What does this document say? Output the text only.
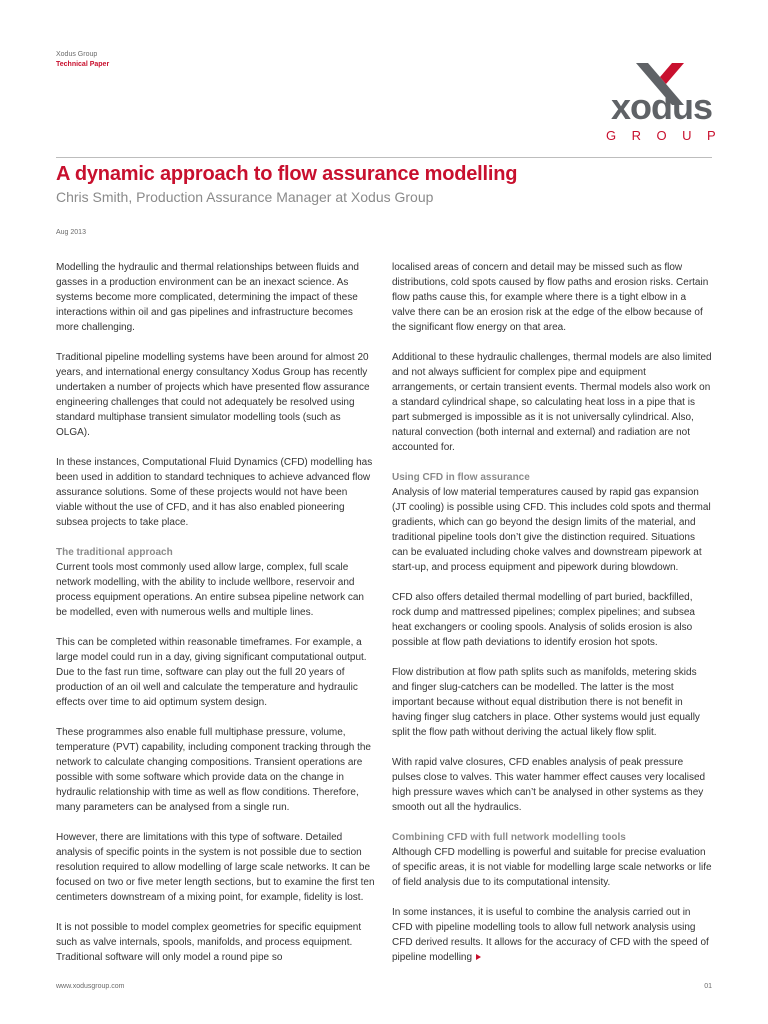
Xodus Group
Technical Paper
xodus
GROUP
A dynamic approach to flow assurance modelling
Chris Smith, Production Assurance Manager at Xodus Group
Aug 2013

Modelling the hydraulic and thermal relationships between fluids and gasses in a production environment can be an inexact science. As systems become more complicated, determining the impact of these interactions within oil and gas pipelines and infrastructure becomes more challenging.

Traditional pipeline modelling systems have been around for almost 20 years, and international energy consultancy Xodus Group has recently undertaken a number of projects which have presented flow assurance engineering challenges that could not adequately be resolved using standard multiphase transient simulator modelling tools (such as OLGA).

In these instances, Computational Fluid Dynamics (CFD) modelling has been used in addition to standard techniques to achieve advanced flow assurance solutions. Some of these projects would not have been viable without the use of CFD, and it has also enabled pioneering subsea projects to take place.

The traditional approach

Current tools most commonly used allow large, complex, full scale network modelling, with the ability to include wellbore, reservoir and process equipment operations. An entire subsea pipeline network can be modelled, even with numerous wells and multiple lines.

This can be completed within reasonable timeframes. For example, a large model could run in a day, giving significant computational output. Due to the fast run time, software can play out the full 20 years of production of an oil well and calculate the temperature and hydraulic effects over time to aid optimum system design.

These programmes also enable full multiphase pressure, volume, temperature (PVT) capability, including component tracking through the network to calculate changing compositions. Transient operations are possible with some software which provide data on the change in hydraulic relationship with time as well as flow conditions. Therefore, many parameters can be analysed from a single run.

However, there are limitations with this type of software. Detailed analysis of specific points in the system is not possible due to section resolution required to allow modelling of large scale networks. It can be focused on two or five meter length sections, but to examine the first ten centimeters downstream of a mixing point, for example, fidelity is lost.

It is not possible to model complex geometries for specific equipment such as valve internals, spools, manifolds, and process equipment. Traditional software will only model a round pipe so

localised areas of concern and detail may be missed such as flow distributions, cold spots caused by flow paths and erosion risks. Certain flow paths cause this, for example where there is a tight elbow in a valve there can be an erosion risk at the edge of the elbow because of the significant flow energy on that area.

Additional to these hydraulic challenges, thermal models are also limited and not always sufficient for complex pipe and equipment arrangements, or certain transient events. Thermal models also work on a standard cylindrical shape, so calculating heat loss in a pipe that is part submerged is impossible as it is not universally cylindrical. Also, natural convection (both internal and external) and radiation are not accounted for.

Using CFD in flow assurance

Analysis of low material temperatures caused by rapid gas expansion (JT cooling) is possible using CFD. This includes cold spots and thermal gradients, which can go beyond the design limits of the material, and traditional pipeline tools don’t give the distinction required. Situations can be evaluated including choke valves and downstream pipework at start-up, and process equipment and pipework during blowdown.

CFD also offers detailed thermal modelling of part buried, backfilled, rock dump and mattressed pipelines; complex pipelines; and subsea heat exchangers or cooling spools. Analysis of solids erosion is also possible at flow path deviations to identify erosion hot spots.

Flow distribution at flow path splits such as manifolds, metering skids and finger slug-catchers can be modelled. The latter is the most important because without equal distribution there is not benefit in having finger slug catchers in place. Other systems would just equally split the flow path without deriving the actual likely flow split.

With rapid valve closures, CFD enables analysis of peak pressure pulses close to valves. This water hammer effect causes very localised high pressure waves which can’t be analysed in other systems as they smooth out all the hydraulics.

Combining CFD with full network modelling tools

Although CFD modelling is powerful and suitable for precise evaluation of specific areas, it is not viable for modelling large scale networks or life of field analysis due to its computational intensity.

In some instances, it is useful to combine the analysis carried out in CFD with pipeline modelling tools to allow full network analysis using CFD derived results. It allows for the accuracy of CFD with the speed of pipeline modelling

www.xodusgroup.com	01
